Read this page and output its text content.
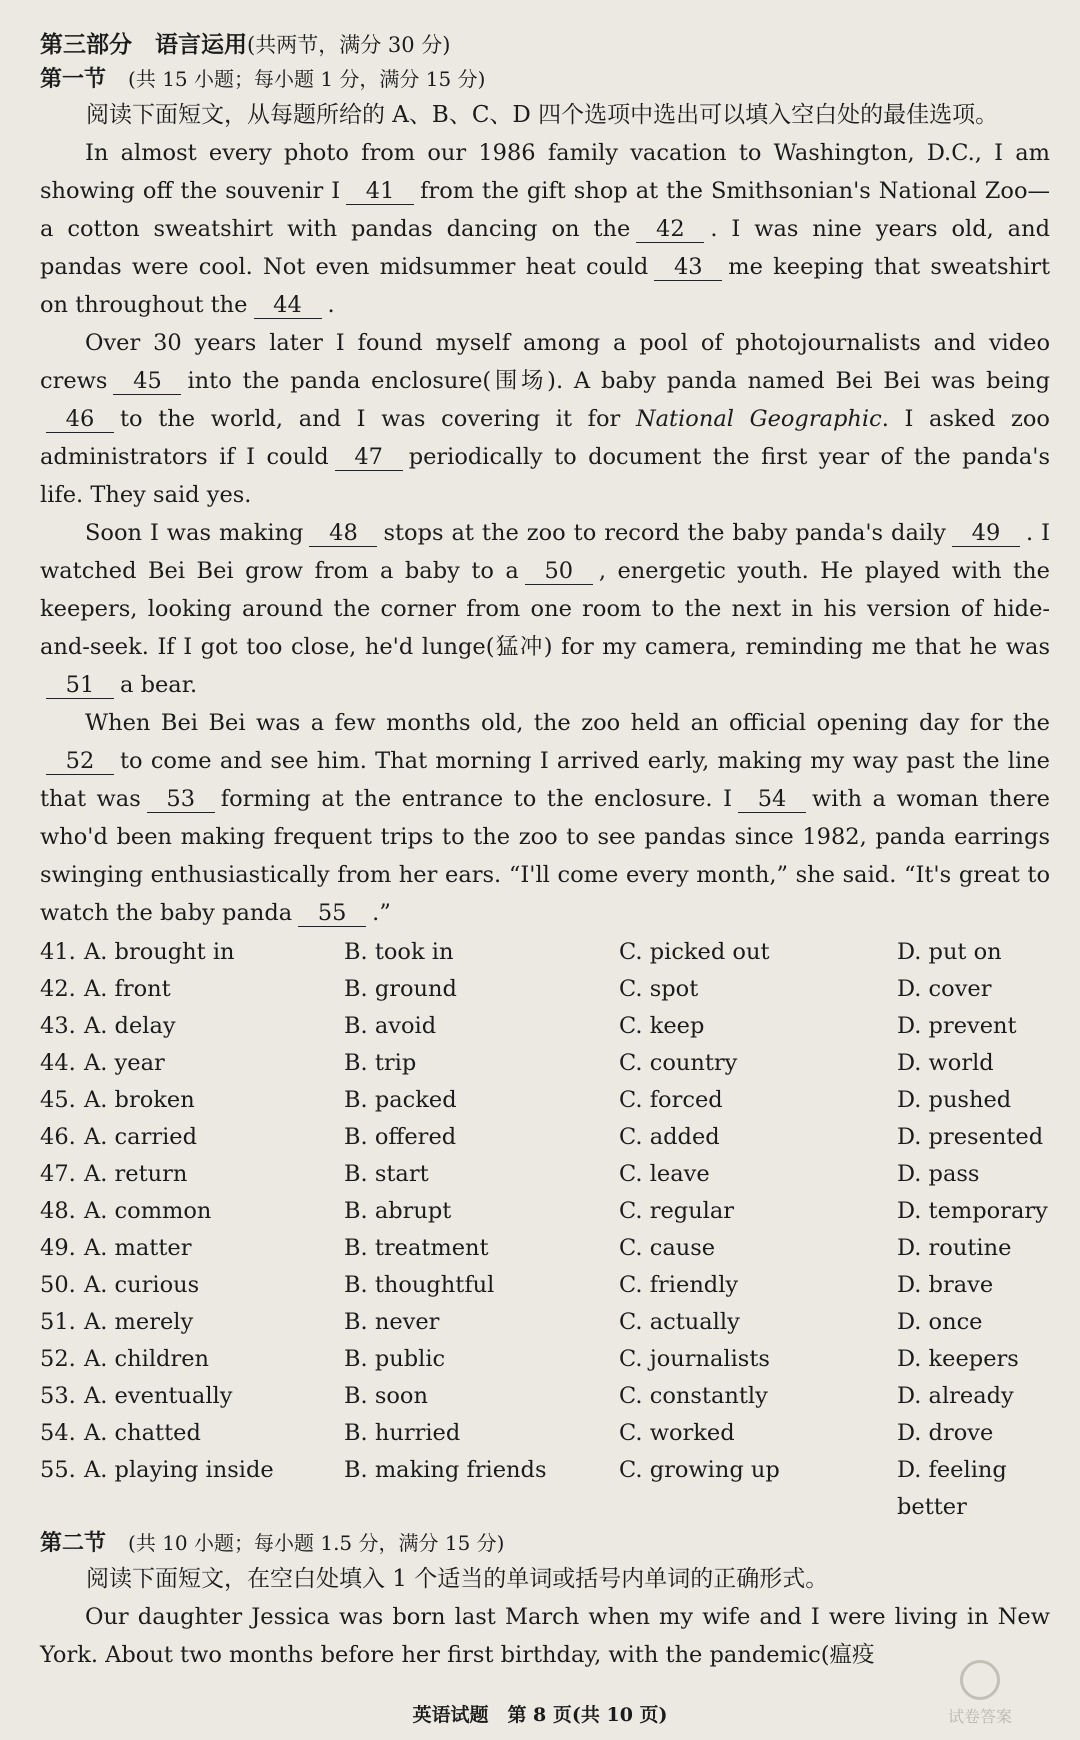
第三部分　语言运用(共两节，满分 30 分)
第一节　 (共 15 小题；每小题 1 分，满分 15 分)

阅读下面短文，从每题所给的 A、B、C、D 四个选项中选出可以填入空白处的最佳选项。

In almost every photo from our 1986 family vacation to Washington, D.C., I am showing off the souvenir I 41 from the gift shop at the Smithsonian's National Zoo—a cotton sweatshirt with pandas dancing on the 42 . I was nine years old, and pandas were cool. Not even midsummer heat could 43 me keeping that sweatshirt on throughout the 44 .

Over 30 years later I found myself among a pool of photojournalists and video crews 45 into the panda enclosure(围场). A baby panda named Bei Bei was being46 to the world, and I was covering it for National Geographic. I asked zoo administrators if I could 47 periodically to document the first year of the panda's life. They said yes.

Soon I was making 48 stops at the zoo to record the baby panda's daily 49 . I watched Bei Bei grow from a baby to a 50 , energetic youth. He played with the keepers, looking around the corner from one room to the next in his version of hide-and-seek. If I got too close, he'd lunge(猛冲) for my camera, reminding me that he was51 a bear.

When Bei Bei was a few months old, the zoo held an official opening day for the52 to come and see him. That morning I arrived early, making my way past the line that was 53 forming at the entrance to the enclosure. I 54 with a woman there who'd been making frequent trips to the zoo to see pandas since 1982, panda earrings swinging enthusiastically from her ears. “I'll come every month,” she said. “It's great to watch the baby panda 55 .”

41. A. brought in	B. took in	C. picked out	D. put on
42. A. front	B. ground	C. spot	D. cover
43. A. delay	B. avoid	C. keep	D. prevent
44. A. year	B. trip	C. country	D. world
45. A. broken	B. packed	C. forced	D. pushed
46. A. carried	B. offered	C. added	D. presented
47. A. return	B. start	C. leave	D. pass
48. A. common	B. abrupt	C. regular	D. temporary
49. A. matter	B. treatment	C. cause	D. routine
50. A. curious	B. thoughtful	C. friendly	D. brave
51. A. merely	B. never	C. actually	D. once
52. A. children	B. public	C. journalists	D. keepers
53. A. eventually	B. soon	C. constantly	D. already
54. A. chatted	B. hurried	C. worked	D. drove
55. A. playing inside	B. making friends	C. growing up	D. feeling better
第二节　 (共 10 小题；每小题 1.5 分，满分 15 分)

阅读下面短文，在空白处填入 1 个适当的单词或括号内单词的正确形式。

Our daughter Jessica was born last March when my wife and I were living in New York. About two months before her first birthday, with the pandemic(瘟疫

英语试题　第 8 页(共 10 页)	试卷答案
